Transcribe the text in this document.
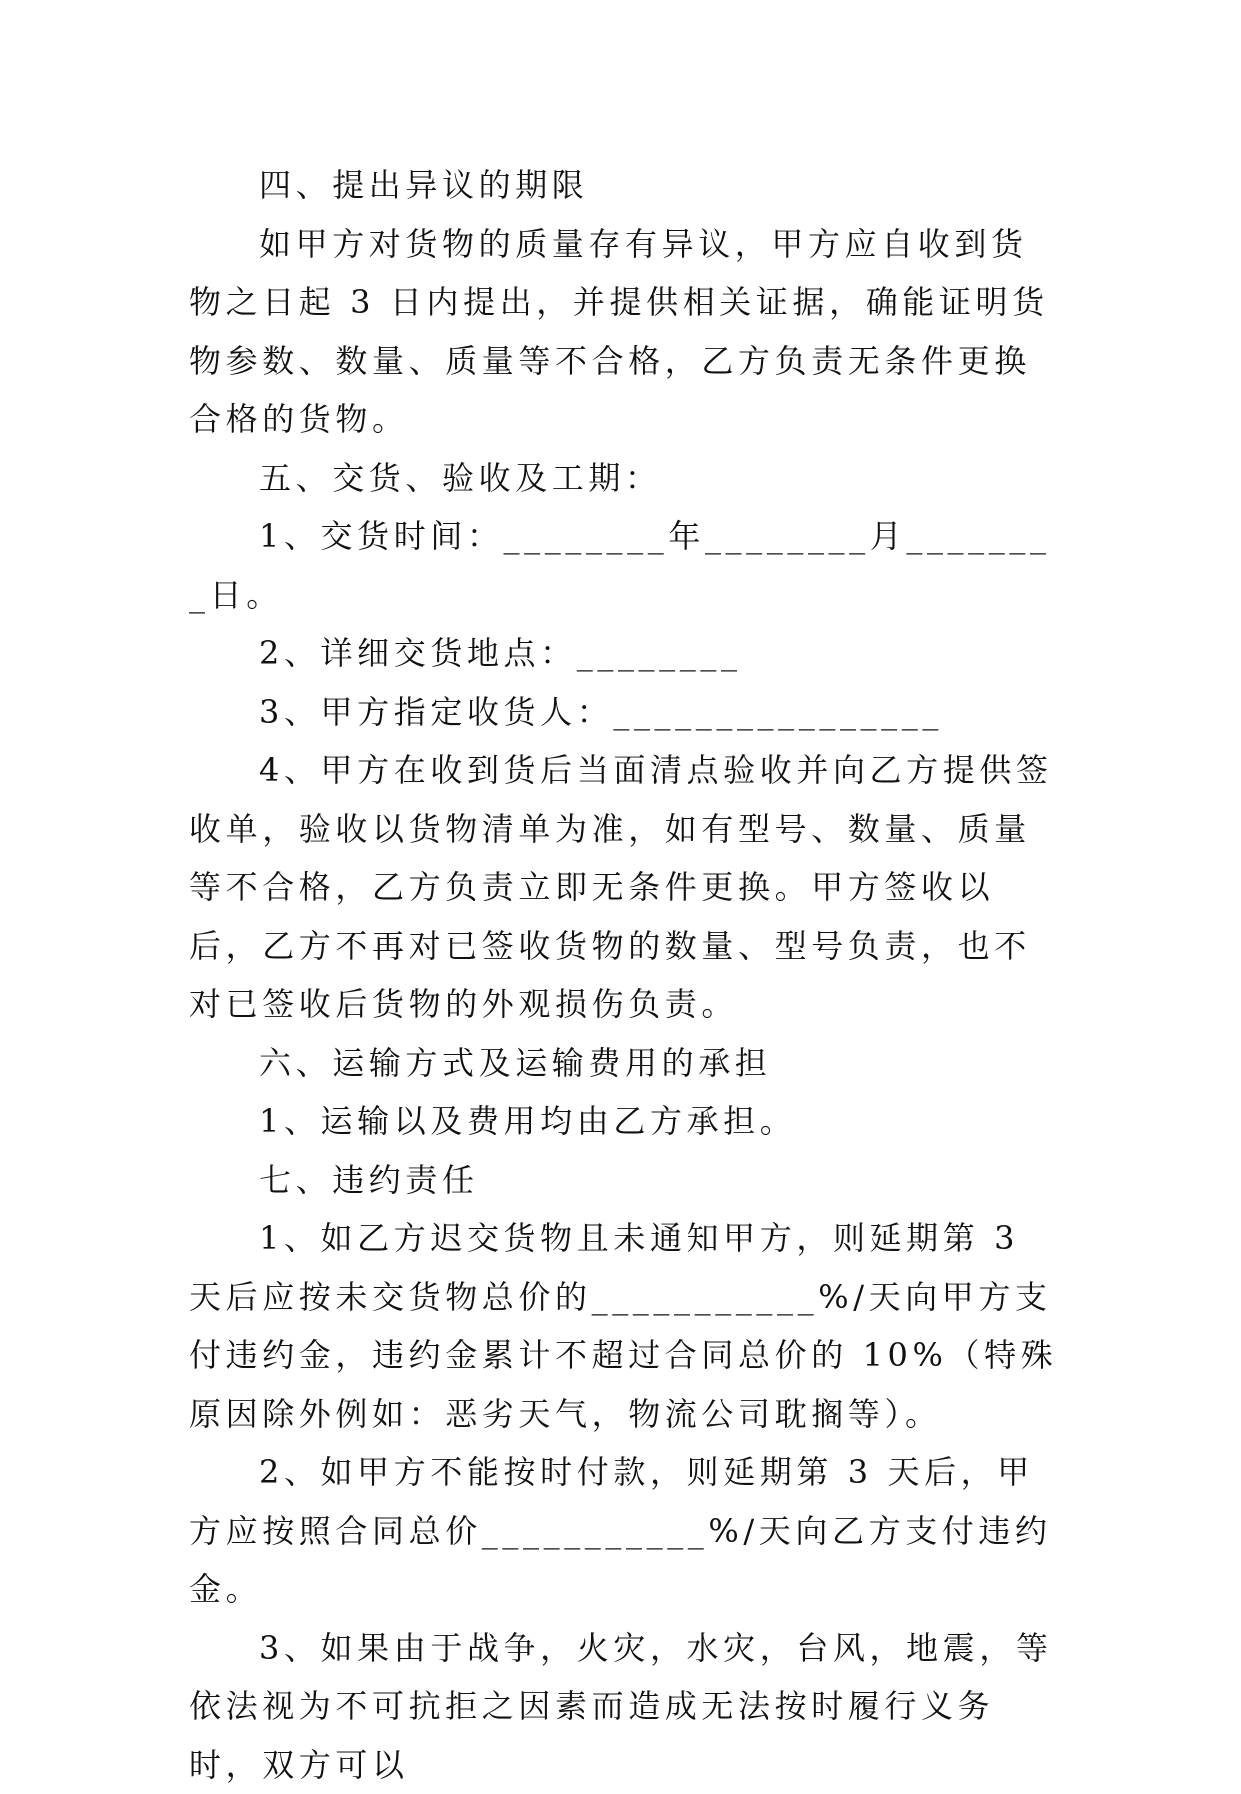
四、提出异议的期限

如甲方对货物的质量存有异议，甲方应自收到货物之日起 3 日内提出，并提供相关证据，确能证明货物参数、数量、质量等不合格，乙方负责无条件更换合格的货物。

五、交货、验收及工期：

1、交货时间：________年________月________日。

2、详细交货地点：________

3、甲方指定收货人：________________

4、甲方在收到货后当面清点验收并向乙方提供签收单，验收以货物清单为准，如有型号、数量、质量等不合格，乙方负责立即无条件更换。甲方签收以后，乙方不再对已签收货物的数量、型号负责，也不对已签收后货物的外观损伤负责。

六、运输方式及运输费用的承担

1、运输以及费用均由乙方承担。

七、违约责任

1、如乙方迟交货物且未通知甲方，则延期第 3 天后应按未交货物总价的___________%/天向甲方支付违约金，违约金累计不超过合同总价的 10%（特殊原因除外例如：恶劣天气，物流公司耽搁等）。

2、如甲方不能按时付款，则延期第 3 天后，甲方应按照合同总价___________%/天向乙方支付违约金。

3、如果由于战争，火灾，水灾，台风，地震，等依法视为不可抗拒之因素而造成无法按时履行义务时，双方可以
